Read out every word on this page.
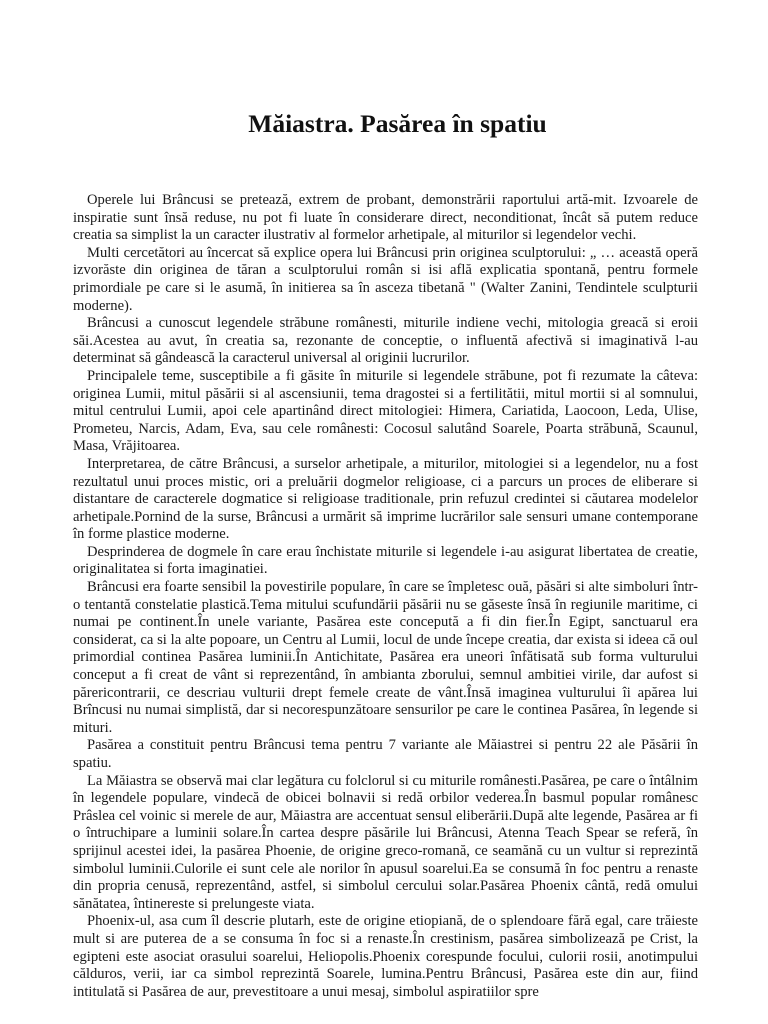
Măiastra. Pasărea în spatiu

Operele lui Brâncusi se pretează, extrem de probant, demonstrării raportului artă-mit. Izvoarele de inspiratie sunt însă reduse, nu pot fi luate în considerare direct, neconditionat, încât să putem reduce creatia sa simplist la un caracter ilustrativ al formelor arhetipale, al miturilor si legendelor vechi.

Multi cercetători au încercat să explice opera lui Brâncusi prin originea sculptorului: „ … această operă izvorăste din originea de tăran a sculptorului român si isi află explicatia spontană, pentru formele primordiale pe care si le asumă, în initierea sa în asceza tibetană " (Walter Zanini, Tendintele sculpturii moderne).

Brâncusi a cunoscut legendele străbune românesti, miturile indiene vechi, mitologia greacă si eroii săi.Acestea au avut, în creatia sa, rezonante de conceptie, o influentă afectivă si imaginativă l-au determinat să gândească la caracterul universal al originii lucrurilor.

Principalele teme, susceptibile a fi găsite în miturile si legendele străbune, pot fi rezumate la câteva: originea Lumii, mitul păsării si al ascensiunii, tema dragostei si a fertilitătii, mitul mortii si al somnului, mitul centrului Lumii, apoi cele apartinând direct mitologiei: Himera, Cariatida, Laocoon, Leda, Ulise, Prometeu, Narcis, Adam, Eva, sau cele românesti: Cocosul salutând Soarele, Poarta străbună, Scaunul, Masa, Vrăjitoarea.

Interpretarea, de către Brâncusi, a surselor arhetipale, a miturilor, mitologiei si a legendelor, nu a fost rezultatul unui proces mistic, ori a preluării dogmelor religioase, ci a parcurs un proces de eliberare si distantare de caracterele dogmatice si religioase traditionale, prin refuzul credintei si căutarea modelelor arhetipale.Pornind de la surse, Brâncusi a urmărit să imprime lucrărilor sale sensuri umane contemporane în forme plastice moderne.

Desprinderea de dogmele în care erau închistate miturile si legendele i-au asigurat libertatea de creatie, originalitatea si forta imaginatiei.

Brâncusi era foarte sensibil la povestirile populare, în care se împletesc ouă, păsări si alte simboluri într-o tentantă constelatie plastică.Tema mitului scufundării păsării nu se găseste însă în regiunile maritime, ci numai pe continent.În unele variante, Pasărea este concepută a fi din fier.În Egipt, sanctuarul era considerat, ca si la alte popoare, un Centru al Lumii, locul de unde începe creatia, dar exista si ideea că oul primordial continea Pasărea luminii.În Antichitate, Pasărea era uneori înfătisată sub forma vulturului conceput a fi creat de vânt si reprezentând, în ambianta zborului, semnul ambitiei virile, dar aufost si părericontrarii, ce descriau vulturii drept femele create de vânt.Însă imaginea vulturului îi apărea lui Brîncusi nu numai simplistă, dar si necorespunzătoare sensurilor pe care le continea Pasărea, în legende si mituri.

Pasărea a constituit pentru Brâncusi tema pentru 7 variante ale Măiastrei si pentru 22 ale Păsării în spatiu.

La Măiastra se observă mai clar legătura cu folclorul si cu miturile românesti.Pasărea, pe care o întâlnim în legendele populare, vindecă de obicei bolnavii si redă orbilor vederea.În basmul popular românesc Prâslea cel voinic si merele de aur, Măiastra are accentuat sensul eliberării.După alte legende, Pasărea ar fi o întruchipare a luminii solare.În cartea despre păsările lui Brâncusi, Atenna Teach Spear se referă, în sprijinul acestei idei, la pasărea Phoenie, de origine greco-romană, ce seamănă cu un vultur si reprezintă simbolul luminii.Culorile ei sunt cele ale norilor în apusul soarelui.Ea se consumă în foc pentru a renaste din propria cenusă, reprezentând, astfel, si simbolul cercului solar.Pasărea Phoenix cântă, redă omului sănătatea, întinereste si prelungeste viata.

Phoenix-ul, asa cum îl descrie plutarh, este de origine etiopiană, de o splendoare fără egal, care trăieste mult si are puterea de a se consuma în foc si a renaste.În crestinism, pasărea simbolizează pe Crist, la egipteni este asociat orasului soarelui, Heliopolis.Phoenix corespunde focului, culorii rosii, anotimpului călduros, verii, iar ca simbol reprezintă Soarele, lumina.Pentru Brâncusi, Pasărea este din aur, fiind intitulată si Pasărea de aur, prevestitoare a unui mesaj, simbolul aspiratiilor spre
